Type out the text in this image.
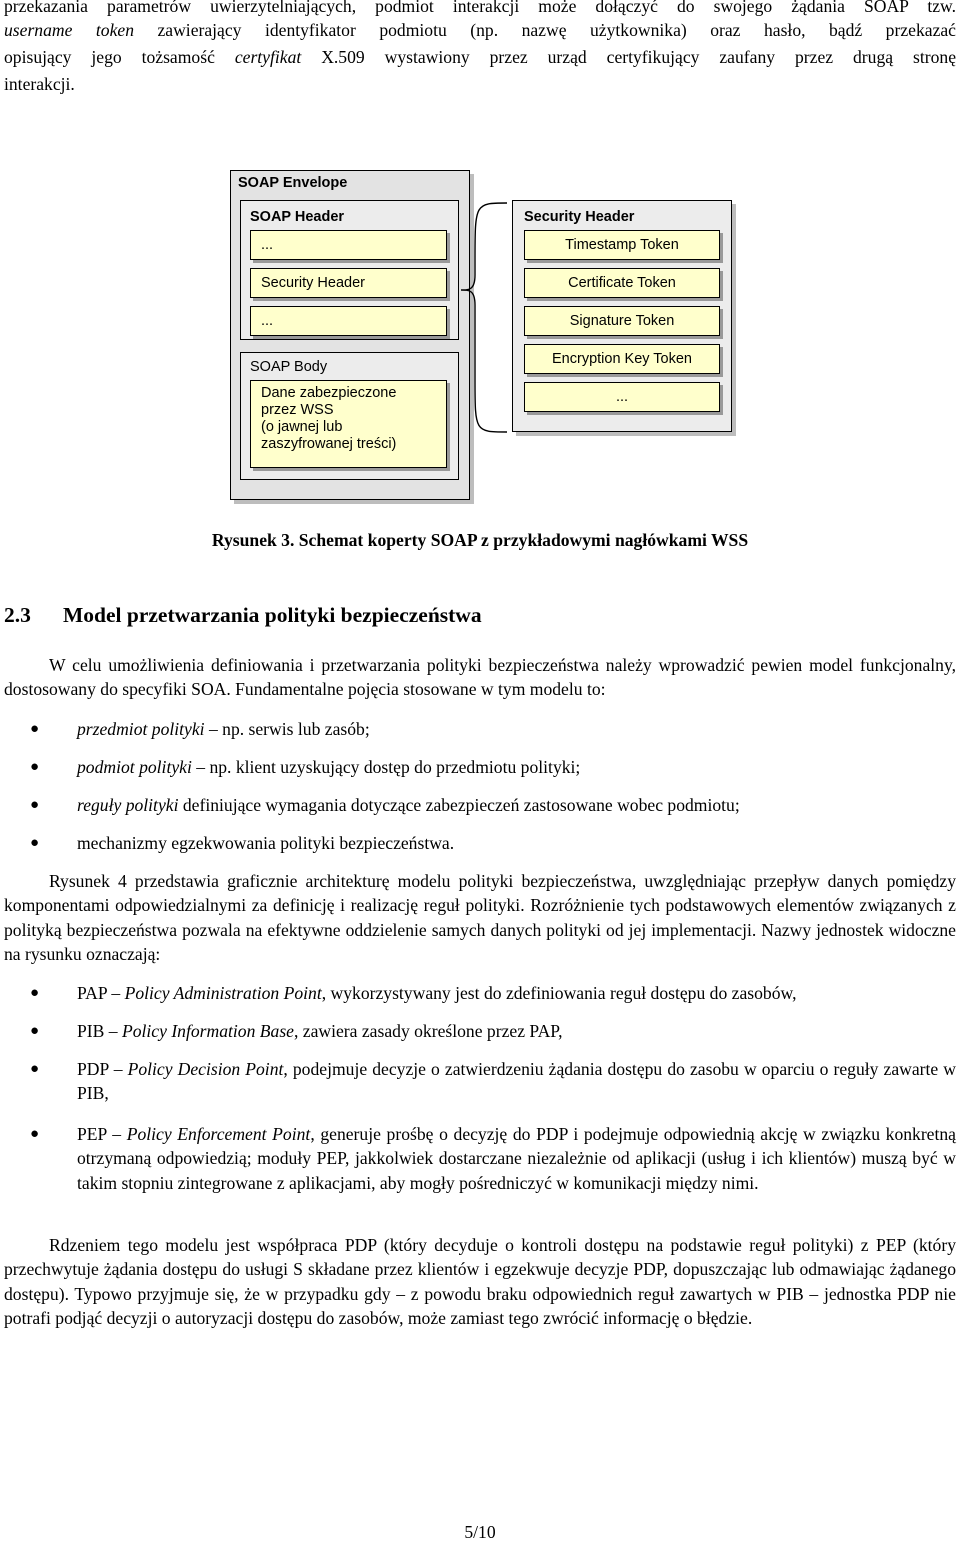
przekazania parametrów uwierzytelniających, podmiot interakcji może dołączyć do swojego żądania SOAP tzw.
username token zawierający identyfikator podmiotu (np. nazwę użytkownika) oraz hasło, bądź przekazać
opisujący jego tożsamość certyfikat X.509 wystawiony przez urząd certyfikujący zaufany przez drugą stronę
interakcji.
SOAP Envelope
SOAP Header
...
Security Header
...
SOAP Body
Dane zabezpieczone
przez WSS
(o jawnej lub
zaszyfrowanej treści)
Security Header
Timestamp Token
Certificate Token
Signature Token
Encryption Key Token
...
Rysunek 3. Schemat koperty SOAP z przykładowymi nagłówkami WSS
2.3 Model przetwarzania polityki bezpieczeństwa

W celu umożliwienia definiowania i przetwarzania polityki bezpieczeństwa należy wprowadzić pewien model funkcjonalny, dostosowany do specyfiki SOA. Fundamentalne pojęcia stosowane w tym modelu to:

● przedmiot polityki – np. serwis lub zasób;
● podmiot polityki – np. klient uzyskujący dostęp do przedmiotu polityki;
● reguły polityki definiujące wymagania dotyczące zabezpieczeń zastosowane wobec podmiotu;
● mechanizmy egzekwowania polityki bezpieczeństwa.

Rysunek 4 przedstawia graficznie architekturę modelu polityki bezpieczeństwa, uwzględniając przepływ danych pomiędzy komponentami odpowiedzialnymi za definicję i realizację reguł polityki. Rozróżnienie tych podstawowych elementów związanych z polityką bezpieczeństwa pozwala na efektywne oddzielenie samych danych polityki od jej implementacji. Nazwy jednostek widoczne na rysunku oznaczają:

● PAP – Policy Administration Point, wykorzystywany jest do zdefiniowania reguł dostępu do zasobów,
● PIB – Policy Information Base, zawiera zasady określone przez PAP,
● PDP – Policy Decision Point, podejmuje decyzje o zatwierdzeniu żądania dostępu do zasobu w oparciu o reguły zawarte w PIB,
● PEP – Policy Enforcement Point, generuje prośbę o decyzję do PDP i podejmuje odpowiednią akcję w związku konkretną otrzymaną odpowiedzią; moduły PEP, jakkolwiek dostarczane niezależnie od aplikacji (usług i ich klientów) muszą być w takim stopniu zintegrowane z aplikacjami, aby mogły pośredniczyć w komunikacji między nimi.

Rdzeniem tego modelu jest współpraca PDP (który decyduje o kontroli dostępu na podstawie reguł polityki) z PEP (który przechwytuje żądania dostępu do usługi S składane przez klientów i egzekwuje decyzje PDP, dopuszczając lub odmawiając żądanego dostępu). Typowo przyjmuje się, że w przypadku gdy – z powodu braku odpowiednich reguł zawartych w PIB – jednostka PDP nie potrafi podjąć decyzji o autoryzacji dostępu do zasobów, może zamiast tego zwrócić informację o błędzie.

5/10
